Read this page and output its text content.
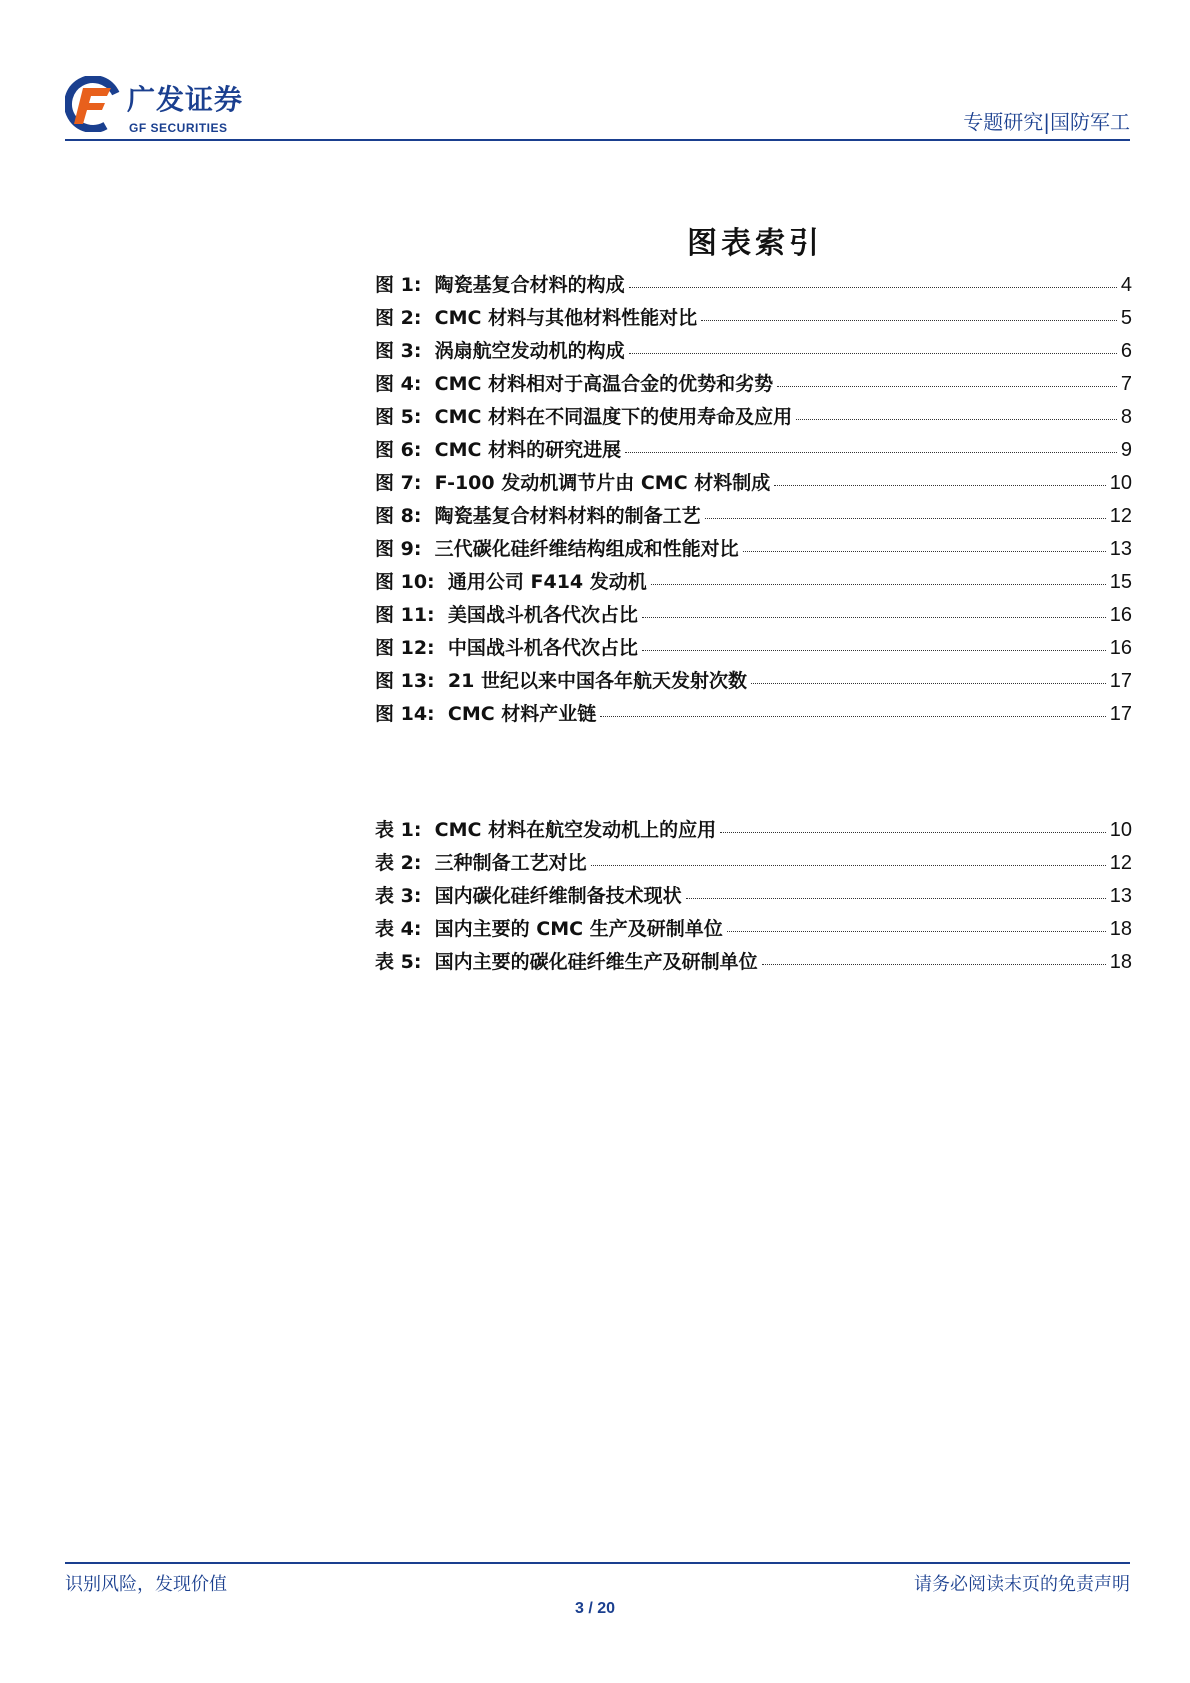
广发证券
GF SECURITIES	专题研究|国防军工
图表索引
图 1: 陶瓷基复合材料的构成	4
图 2: CMC 材料与其他材料性能对比	5
图 3: 涡扇航空发动机的构成	6
图 4: CMC 材料相对于高温合金的优势和劣势	7
图 5: CMC 材料在不同温度下的使用寿命及应用	8
图 6: CMC 材料的研究进展	9
图 7: F-100 发动机调节片由 CMC 材料制成	10
图 8: 陶瓷基复合材料材料的制备工艺	12
图 9: 三代碳化硅纤维结构组成和性能对比	13
图 10: 通用公司 F414 发动机	15
图 11: 美国战斗机各代次占比	16
图 12: 中国战斗机各代次占比	16
图 13: 21 世纪以来中国各年航天发射次数	17
图 14: CMC 材料产业链	17
表 1: CMC 材料在航空发动机上的应用	10
表 2: 三种制备工艺对比	12
表 3: 国内碳化硅纤维制备技术现状	13
表 4: 国内主要的 CMC 生产及研制单位	18
表 5: 国内主要的碳化硅纤维生产及研制单位	18
识别风险，发现价值	请务必阅读末页的免责声明
3 / 20
